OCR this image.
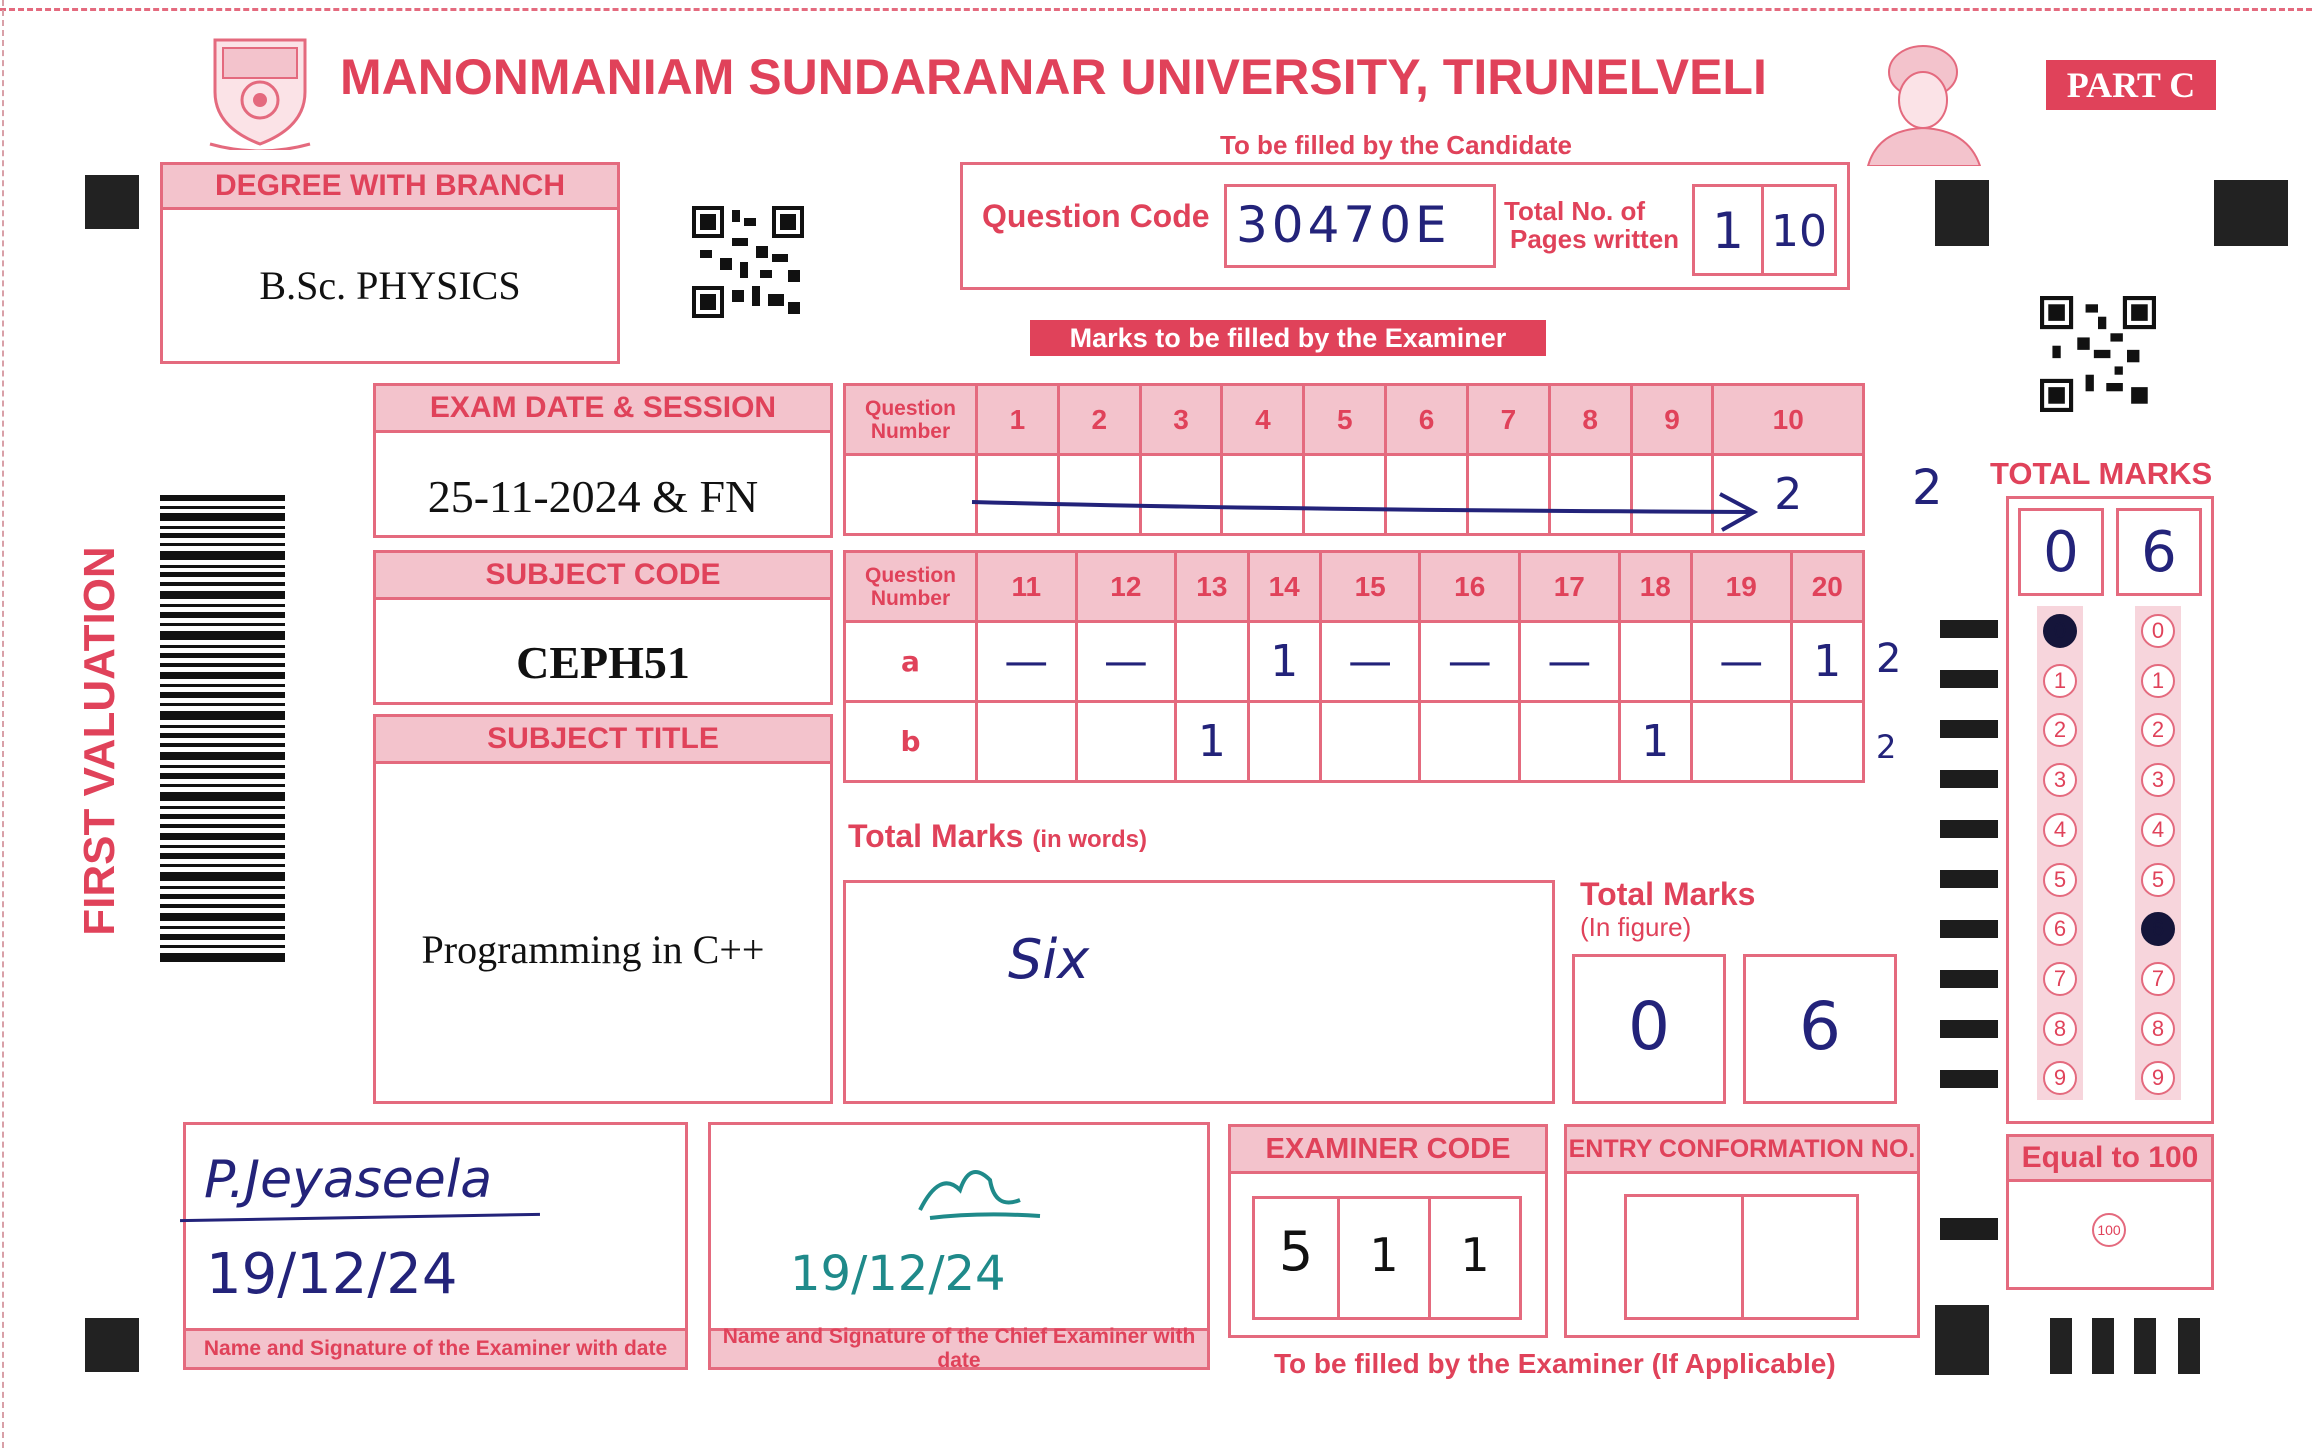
MANONMANIAM SUNDARANAR UNIVERSITY, TIRUNELVELI	PART C
To be filled by the Candidate
DEGREE WITH BRANCH
B.Sc. PHYSICS
Question Code 30470E Total No. of
Pages written 1 10
Marks to be filled by the Examiner
EXAM DATE & SESSION
25-11-2024 & FN
SUBJECT CODE
CEPH51
SUBJECT TITLE
Programming in C++
FIRST VALUATION
Question
Number	1	2	3	4	5	6	7	8	9	10
										2 2
Question
Number	11	12	13	14	15	16	17	18	19	20
a	—	—		1	—	—	—		—	1
b			1					1		
2
2
Total Marks (in words)
Six
Total Marks
(In figure)
0	6
TOTAL MARKS
0	6
0
1
2
3
4
5
6
7
8
9
0
1
2
3
4
5
6
7
8
9
Equal to 100
100
Name and Signature of the Examiner with date
P.Jeyaseela
19/12/24
Name and Signature of the Chief Examiner with date
19/12/24
EXAMINER CODE
5	1	1
ENTRY CONFORMATION NO.
To be filled by the Examiner (If Applicable)
